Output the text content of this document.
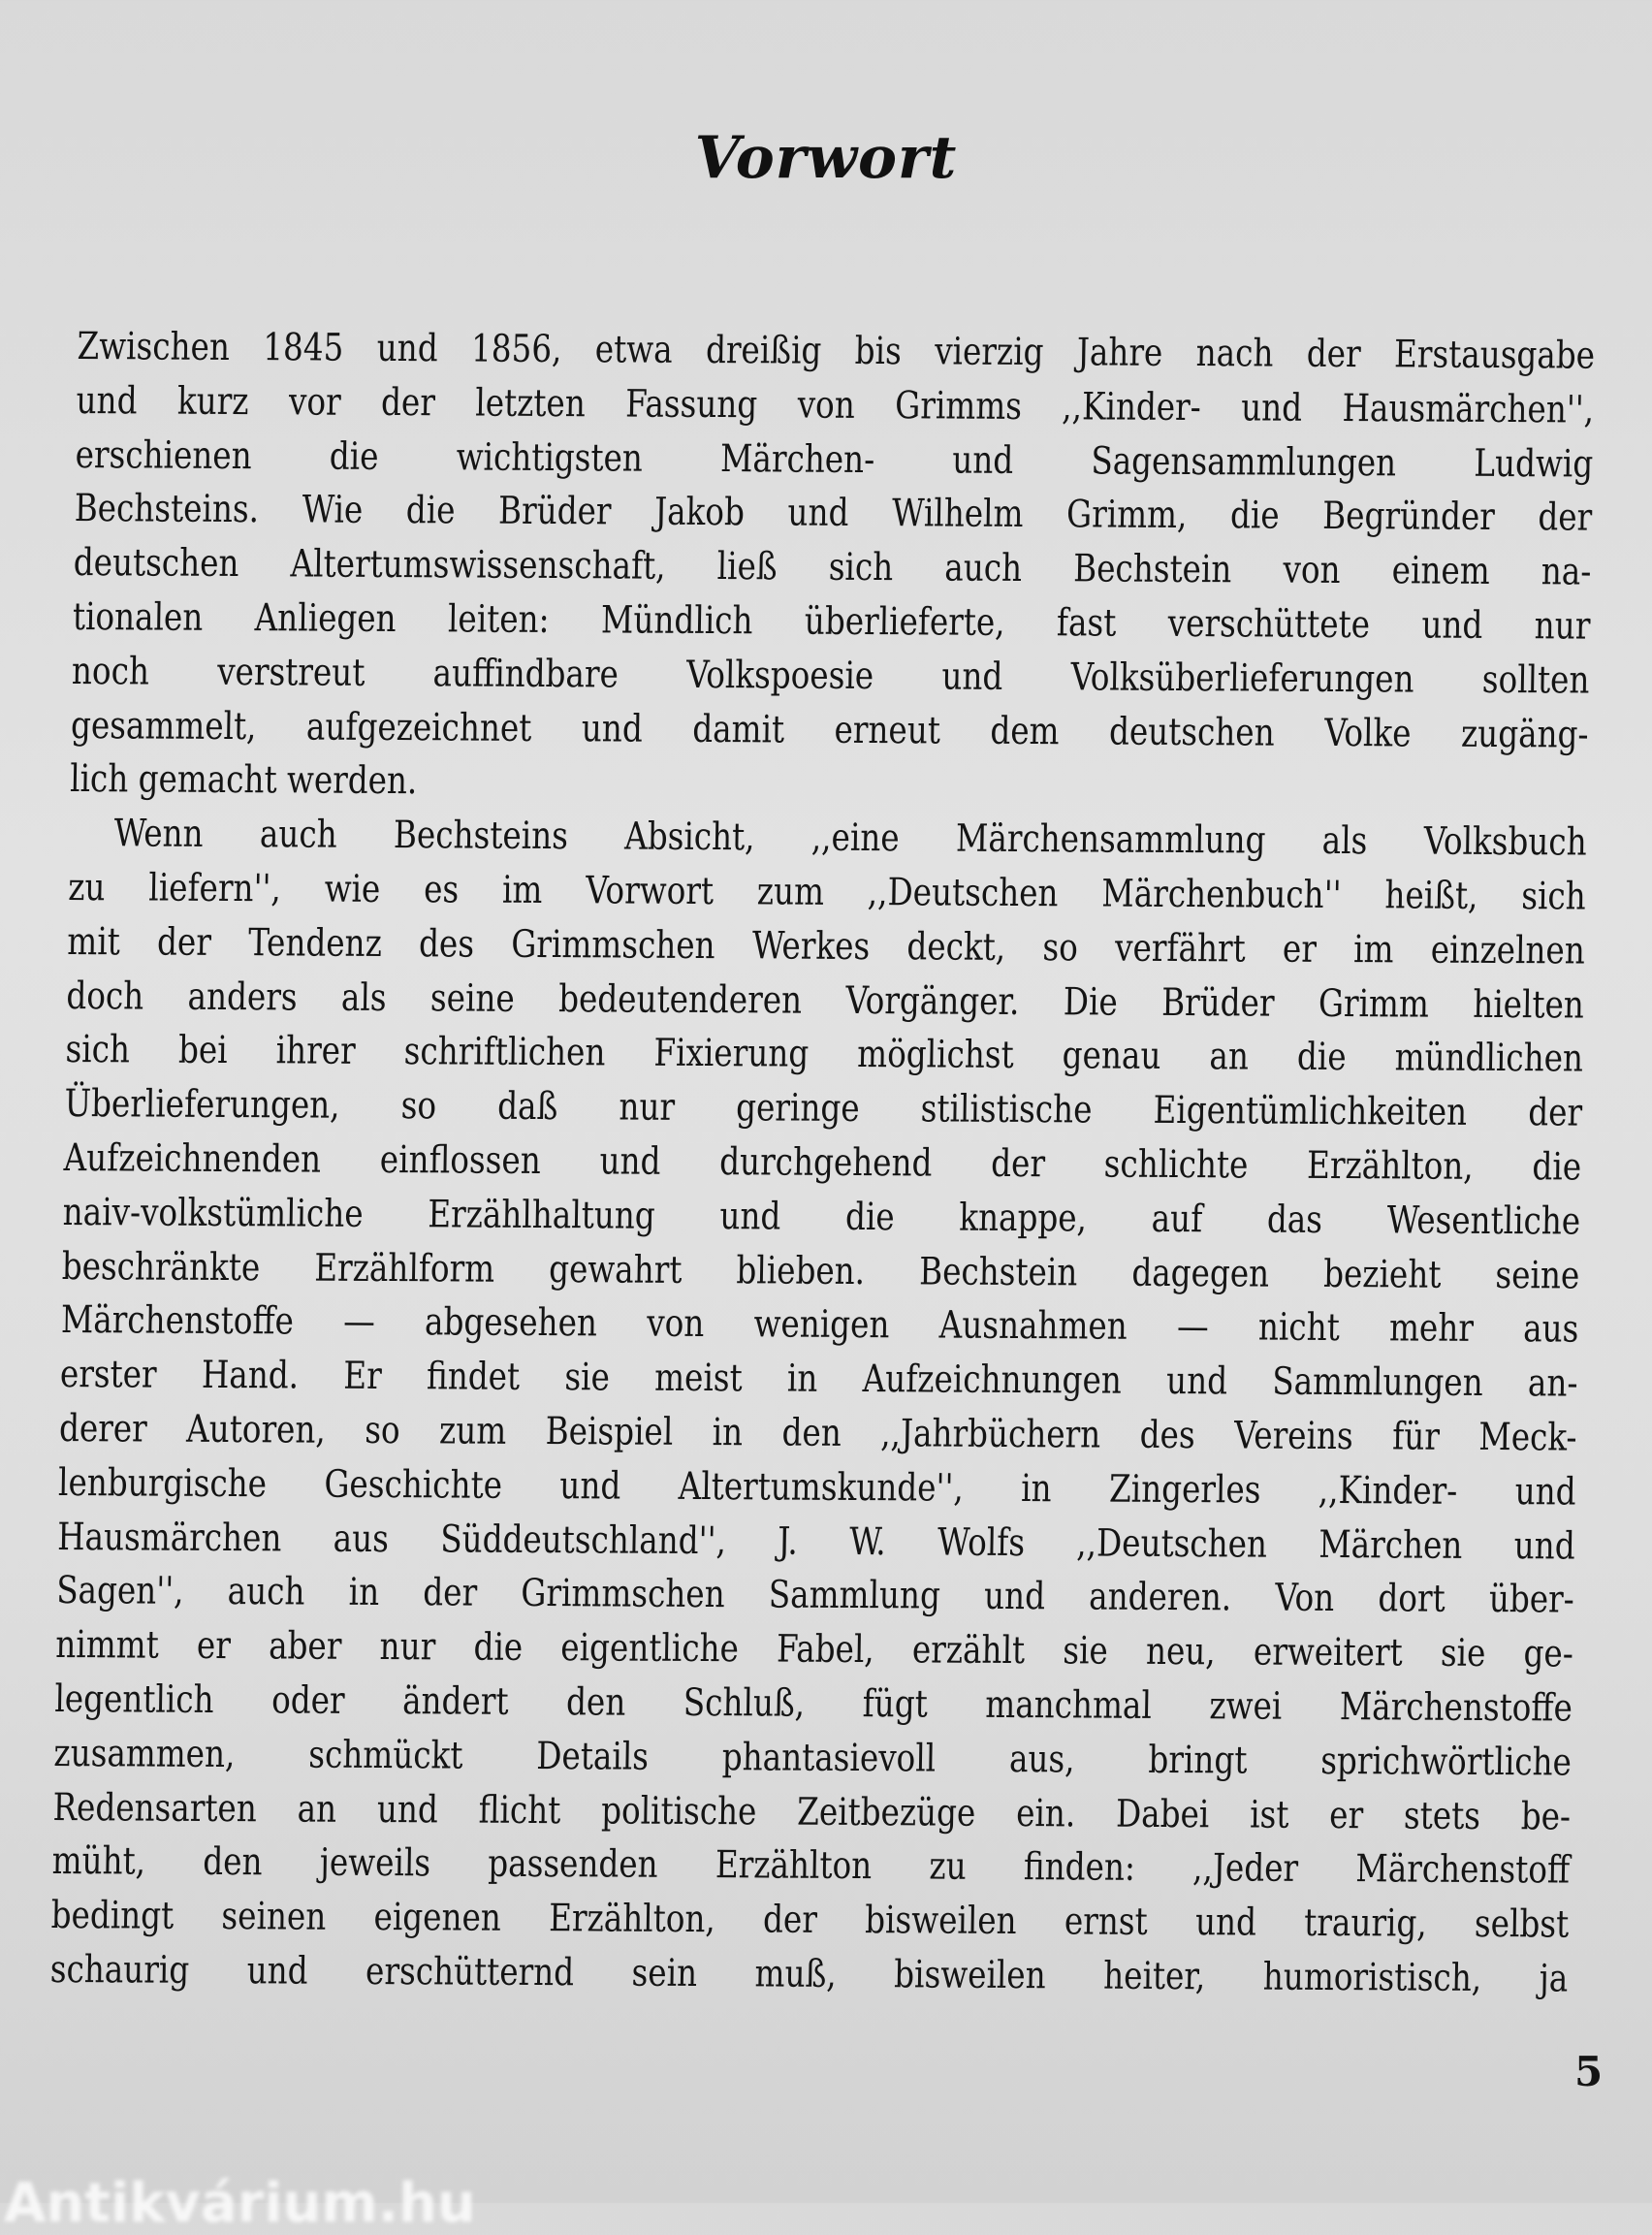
Vorwort
Zwischen 1845 und 1856, etwa dreißig bis vierzig Jahre nach der Erstausgabe
und kurz vor der letzten Fassung von Grimms ,,Kinder- und Hausmärchen'',
erschienen die wichtigsten Märchen- und Sagensammlungen Ludwig
Bechsteins. Wie die Brüder Jakob und Wilhelm Grimm, die Begründer der
deutschen Altertumswissenschaft, ließ sich auch Bechstein von einem na-
tionalen Anliegen leiten: Mündlich überlieferte, fast verschüttete und nur
noch verstreut auffindbare Volkspoesie und Volksüberlieferungen sollten
gesammelt, aufgezeichnet und damit erneut dem deutschen Volke zugäng-
lich gemacht werden.
Wenn auch Bechsteins Absicht, ,,eine Märchensammlung als Volksbuch
zu liefern'', wie es im Vorwort zum ,,Deutschen Märchenbuch'' heißt, sich
mit der Tendenz des Grimmschen Werkes deckt, so verfährt er im einzelnen
doch anders als seine bedeutenderen Vorgänger. Die Brüder Grimm hielten
sich bei ihrer schriftlichen Fixierung möglichst genau an die mündlichen
Überlieferungen, so daß nur geringe stilistische Eigentümlichkeiten der
Aufzeichnenden einflossen und durchgehend der schlichte Erzählton, die
naiv-volkstümliche Erzählhaltung und die knappe, auf das Wesentliche
beschränkte Erzählform gewahrt blieben. Bechstein dagegen bezieht seine
Märchenstoffe — abgesehen von wenigen Ausnahmen — nicht mehr aus
erster Hand. Er findet sie meist in Aufzeichnungen und Sammlungen an-
derer Autoren, so zum Beispiel in den ,,Jahrbüchern des Vereins für Meck-
lenburgische Geschichte und Altertumskunde'', in Zingerles ,,Kinder- und
Hausmärchen aus Süddeutschland'', J. W. Wolfs ,,Deutschen Märchen und
Sagen'', auch in der Grimmschen Sammlung und anderen. Von dort über-
nimmt er aber nur die eigentliche Fabel, erzählt sie neu, erweitert sie ge-
legentlich oder ändert den Schluß, fügt manchmal zwei Märchenstoffe
zusammen, schmückt Details phantasievoll aus, bringt sprichwörtliche
Redensarten an und flicht politische Zeitbezüge ein. Dabei ist er stets be-
müht, den jeweils passenden Erzählton zu finden: ,,Jeder Märchenstoff
bedingt seinen eigenen Erzählton, der bisweilen ernst und traurig, selbst
schaurig und erschütternd sein muß, bisweilen heiter, humoristisch, ja
5
Antikvárium.hu
